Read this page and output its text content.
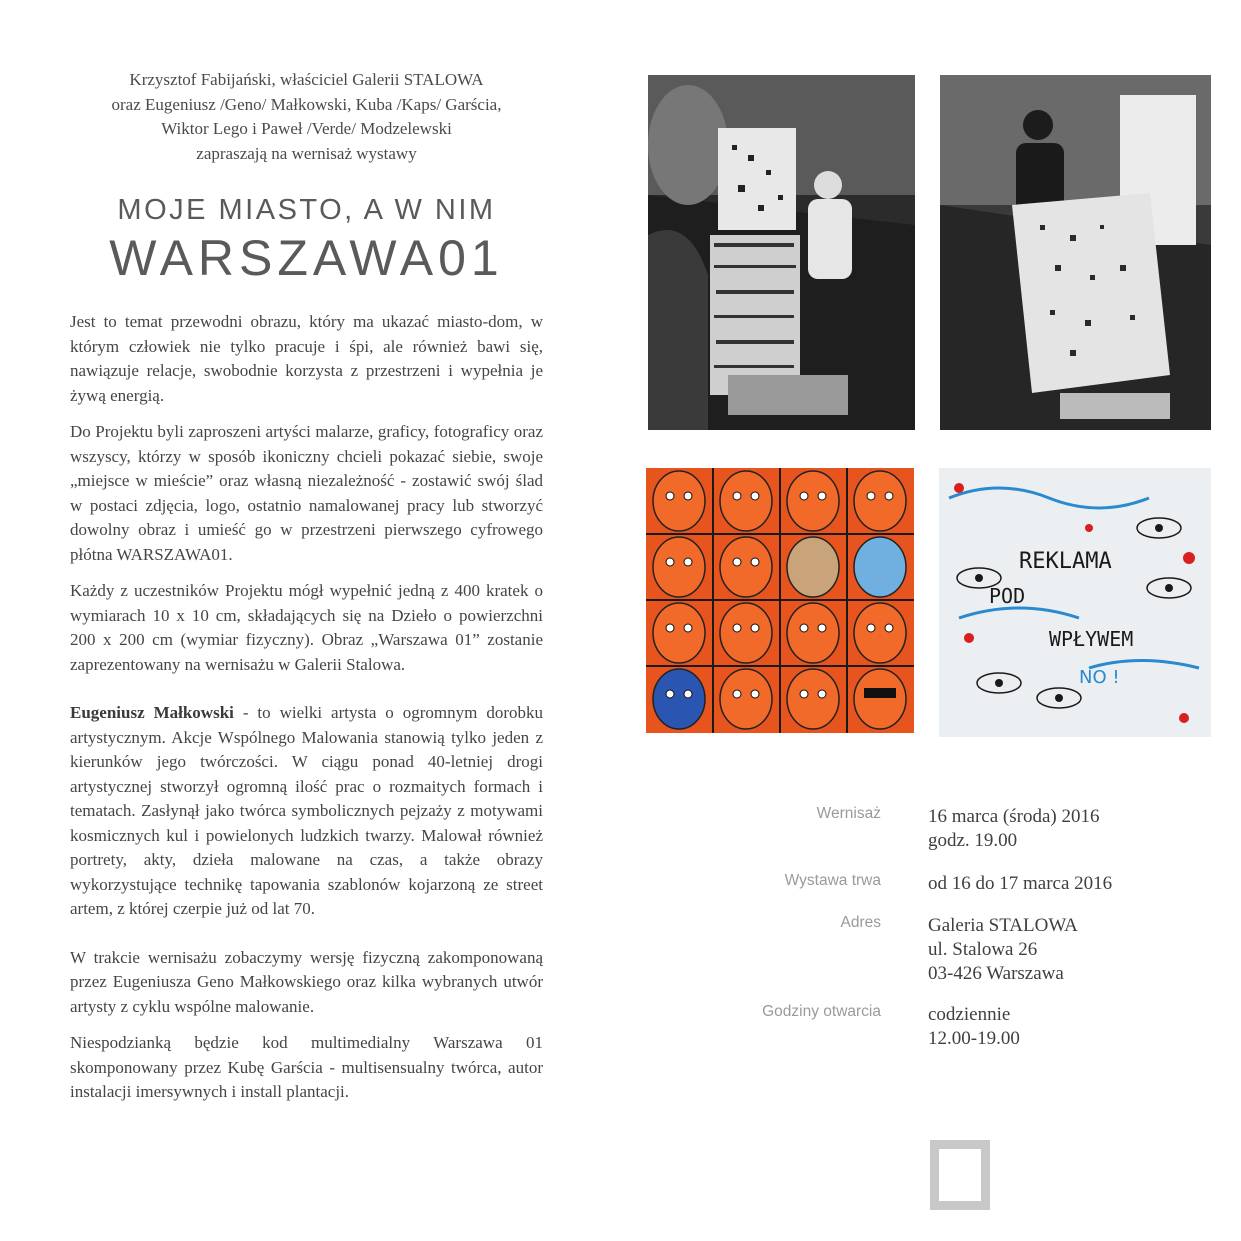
Krzysztof Fabijański, właściciel Galerii STALOWA
oraz Eugeniusz /Geno/ Małkowski, Kuba /Kaps/ Garścia,
Wiktor Lego i Paweł /Verde/ Modzelewski
zapraszają na wernisaż wystawy
MOJE MIASTO, A W NIM
WARSZAWA01

Jest to temat przewodni obrazu, który ma ukazać miasto-dom, w którym człowiek nie tylko pracuje i śpi, ale również bawi się, nawiązuje relacje, swobodnie korzysta z przestrzeni i wypełnia je żywą energią.

Do Projektu byli zaproszeni artyści malarze, graficy, fotograficy oraz wszyscy, którzy w sposób ikoniczny chcieli pokazać siebie, swoje „miejsce w mieście” oraz własną niezależność - zostawić swój ślad w postaci zdjęcia, logo, ostatnio namalowanej pracy lub stworzyć dowolny obraz i umieść go w przestrzeni pierwszego cyfrowego płótna WARSZAWA01.

Każdy z uczestników Projektu mógł wypełnić jedną z 400 kratek o wymiarach 10 x 10 cm, składających się na Dzieło o powierzchni 200 x 200 cm (wymiar fizyczny). Obraz „Warszawa 01” zostanie zaprezentowany na wernisażu w Galerii Stalowa.

Eugeniusz Małkowski - to wielki artysta o ogromnym dorobku artystycznym. Akcje Wspólnego Malowania stanowią tylko jeden z kierunków jego twórczości. W ciągu ponad 40-letniej drogi artystycznej stworzył ogromną ilość prac o rozmaitych formach i tematach. Zasłynął jako twórca symbolicznych pejzaży z motywami kosmicznych kul i powielonych ludzkich twarzy. Malował również portrety, akty, dzieła malowane na czas, a także obrazy wykorzystujące technikę tapowania szablonów kojarzoną ze street artem, z której czerpie już od lat 70.

W trakcie wernisażu zobaczymy wersję fizyczną zakomponowaną przez Eugeniusza Geno Małkowskiego oraz kilka wybranych utwór artysty z cyklu wspólne malowanie.

Niespodzianką będzie kod multimedialny Warszawa 01 skomponowany przez Kubę Garścia - multisensualny twórca, autor instalacji imersywnych i install plantacji.

REKLAMA
POD
WPŁYWEM
NO !
Wernisaż 16 marca (środa) 2016
godz. 19.00
Wystawa trwa od 16 do 17 marca 2016
Adres Galeria STALOWA
ul. Stalowa 26
03-426 Warszawa
Godziny otwarcia codziennie
12.00-19.00
